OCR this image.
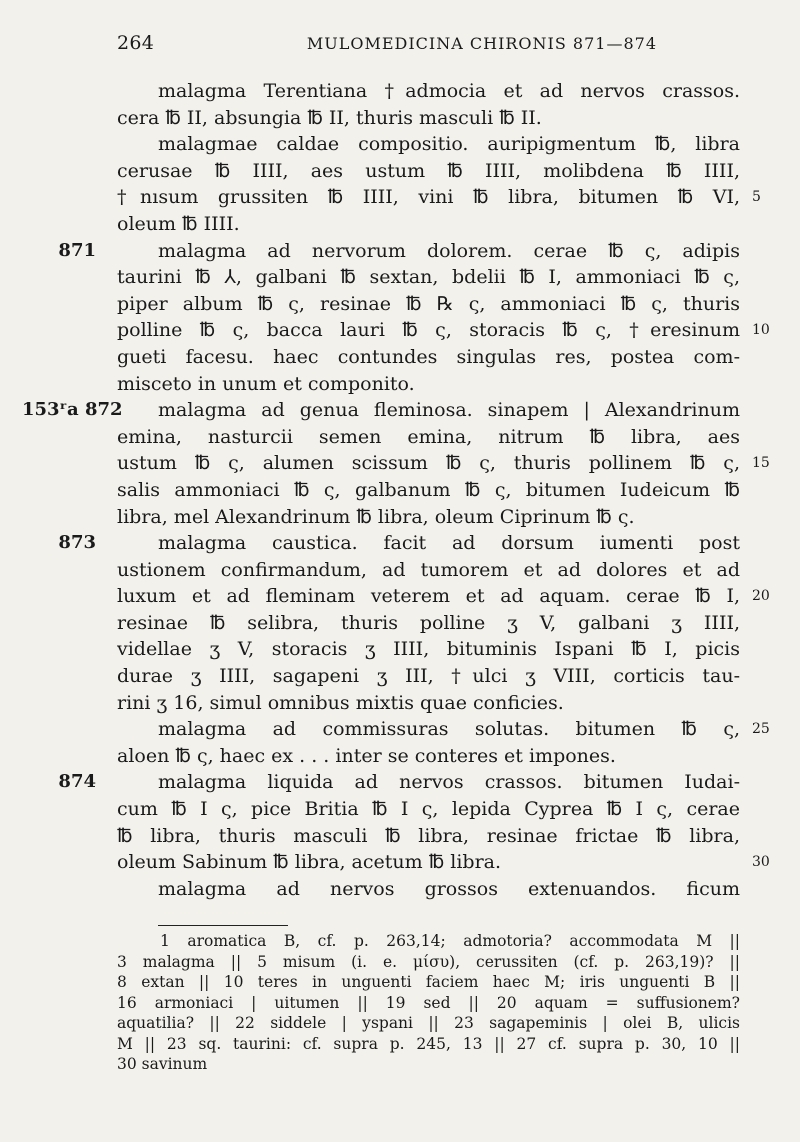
264	MULOMEDICINA CHIRONIS 871—874
malagma Terentiana †admocia et ad nervos crassos.
cera ℔ II, absungia ℔ II, thuris masculi ℔ II.
malagmae caldae compositio. auripigmentum ℔, libra
cerusae ℔ IIII, aes ustum ℔ IIII, molibdena ℔ IIII,
†nısum grussiten ℔ IIII, vini ℔ libra, bitumen ℔ VI, 5
oleum ℔ IIII.
871	malagma ad nervorum dolorem. cerae ℔ ς, adipis
taurini ℔ ⅄, galbani ℔ sextan, bdelii ℔ I, ammoniaci ℔ ς,
piper album ℔ ς, resinae ℔ ℞ ς, ammoniaci ℔ ς, thuris
polline ℔ ς, bacca lauri ℔ ς, storacis ℔ ς, †eresinum 10
gueti facesu. haec contundes singulas res, postea com-
misceto in unum et componito.
153ʳa 872 malagma ad genua fleminosa. sinapem | Alexandrinum
emina, nasturcii semen emina, nitrum ℔ libra, aes
ustum ℔ ς, alumen scissum ℔ ς, thuris pollinem ℔ ς, 15
salis ammoniaci ℔ ς, galbanum ℔ ς, bitumen Iudeicum ℔
libra, mel Alexandrinum ℔ libra, oleum Ciprinum ℔ ς.
873	malagma caustica. facit ad dorsum iumenti post
ustionem confirmandum, ad tumorem et ad dolores et ad
luxum et ad fleminam veterem et ad aquam. cerae ℔ I, 20
resinae ℔ selibra, thuris polline ʒ V, galbani ʒ IIII,
videllae ʒ V, storacis ʒ IIII, bituminis Ispani ℔ I, picis
durae ʒ IIII, sagapeni ʒ III, †ulci ʒ VIII, corticis tau-
rini ʒ 16, simul omnibus mixtis quae conficies.
malagma ad commissuras solutas. bitumen ℔ ς, 25
aloen ℔ ς, haec ex . . . inter se conteres et impones.
874	malagma liquida ad nervos crassos. bitumen Iudai-
cum ℔ I ς, pice Britia ℔ I ς, lepida Cyprea ℔ I ς, cerae
℔ libra, thuris masculi ℔ libra, resinae frictae ℔ libra,
oleum Sabinum ℔ libra, acetum ℔ libra.	30
malagma ad nervos grossos extenuandos. ficum
1 aromatica B, cf. p. 263,14; admotoria? accommodata M ||
3 malagma || 5 misum (i. e. μίσυ), cerussiten (cf. p. 263,19)? ||
8 extan || 10 teres in unguenti faciem haec M; iris unguenti B ||
16 armoniaci | uitumen || 19 sed || 20 aquam = suffusionem?
aquatilia? || 22 siddele | yspani || 23 sagapeminis | olei B, ulicis
M || 23 sq. taurini: cf. supra p. 245, 13 || 27 cf. supra p. 30, 10 ||
30 savinum
